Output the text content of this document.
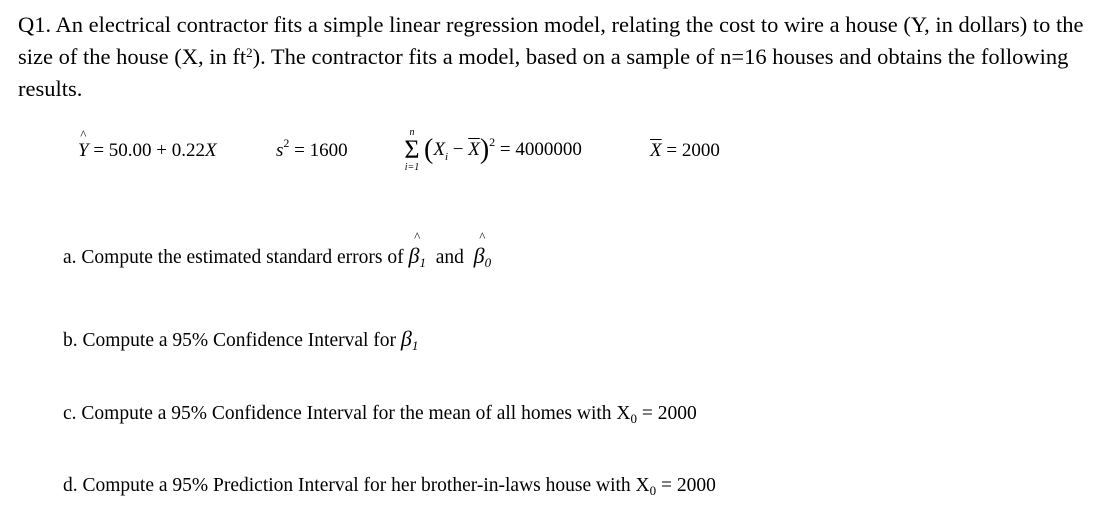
Q1. An electrical contractor fits a simple linear regression model, relating the cost to wire a house (Y, in dollars) to the size of the house (X, in $ft^2$). The contractor fits a model, based on a sample of n=16 houses and obtains the following results.

^
Y = 50.00 + 0.22X	$s^2 = 1600$
n
Σ
i=1
$(X_i - \overline{X})^2 = 4000000$	$\overline{X} = 2000$
a. Compute the estimated standard errors of
^
β1 and
^
β0
b. Compute a 95% Confidence Interval for β1
c. Compute a 95% Confidence Interval for the mean of all homes with $X_0 = 2000$
d. Compute a 95% Prediction Interval for her brother-in-laws house with $X_0 = 2000$
